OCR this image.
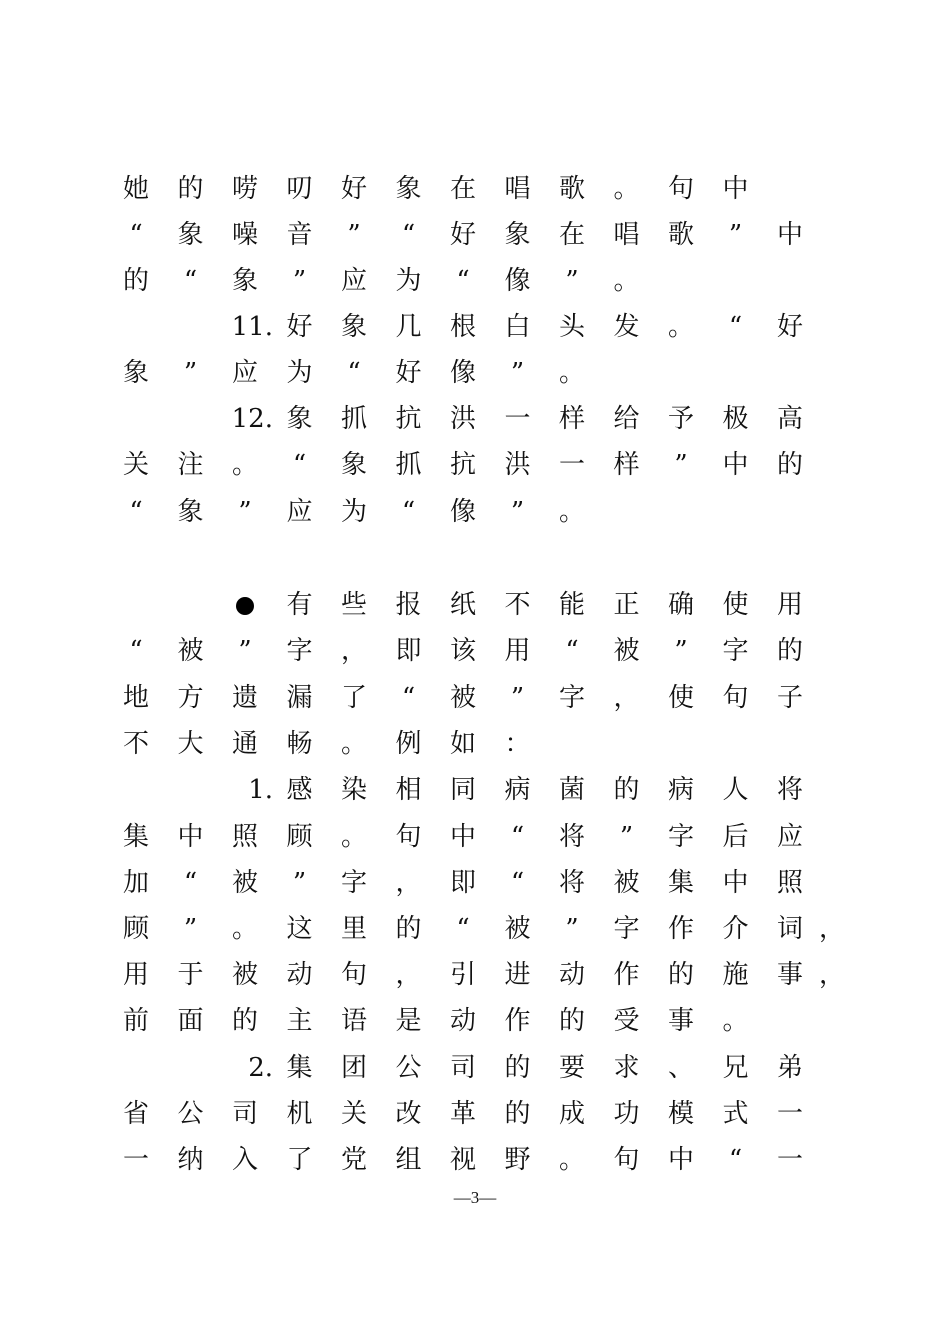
她 的 唠 叨 好 象 在 唱 歌 。 句 中
“	象 噪 音	”	“	好 象 在 唱 歌	”	中
的	“	象	”	应 为	“	像	”	。
11. 好 象 几 根 白 头 发 。	“	好
象	”	应 为	“	好 像	”	。
12. 象 抓 抗 洪 一 样 给 予 极 高
关 注 。	“	象 抓 抗 洪 一 样	”	中 的
“	象	”	应 为	“	像	”	。
有 些 报 纸 不 能 正 确 使 用
“	被	”	字 ， 即 该 用	“	被	”	字 的
地 方 遗 漏 了	“	被	”	字 ， 使 句 子
不 大 通 畅 。 例 如 ：
1. 感 染 相 同 病 菌 的 病 人 将
集 中 照 顾 。 句 中	“	将	”	字 后 应
加	“	被	”	字 ， 即	“	将 被 集 中 照
顾	”	。 这 里 的	“	被	”	字 作 介 词 ，
用 于 被 动 句 ， 引 进 动 作 的 施 事 ，
前 面 的 主 语 是 动 作 的 受 事 。
2. 集 团 公 司 的 要 求 、 兄 弟
省 公 司 机 关 改 革 的 成 功 模 式 一
一 纳 入 了 党 组 视 野 。 句 中	“	一
—3—
